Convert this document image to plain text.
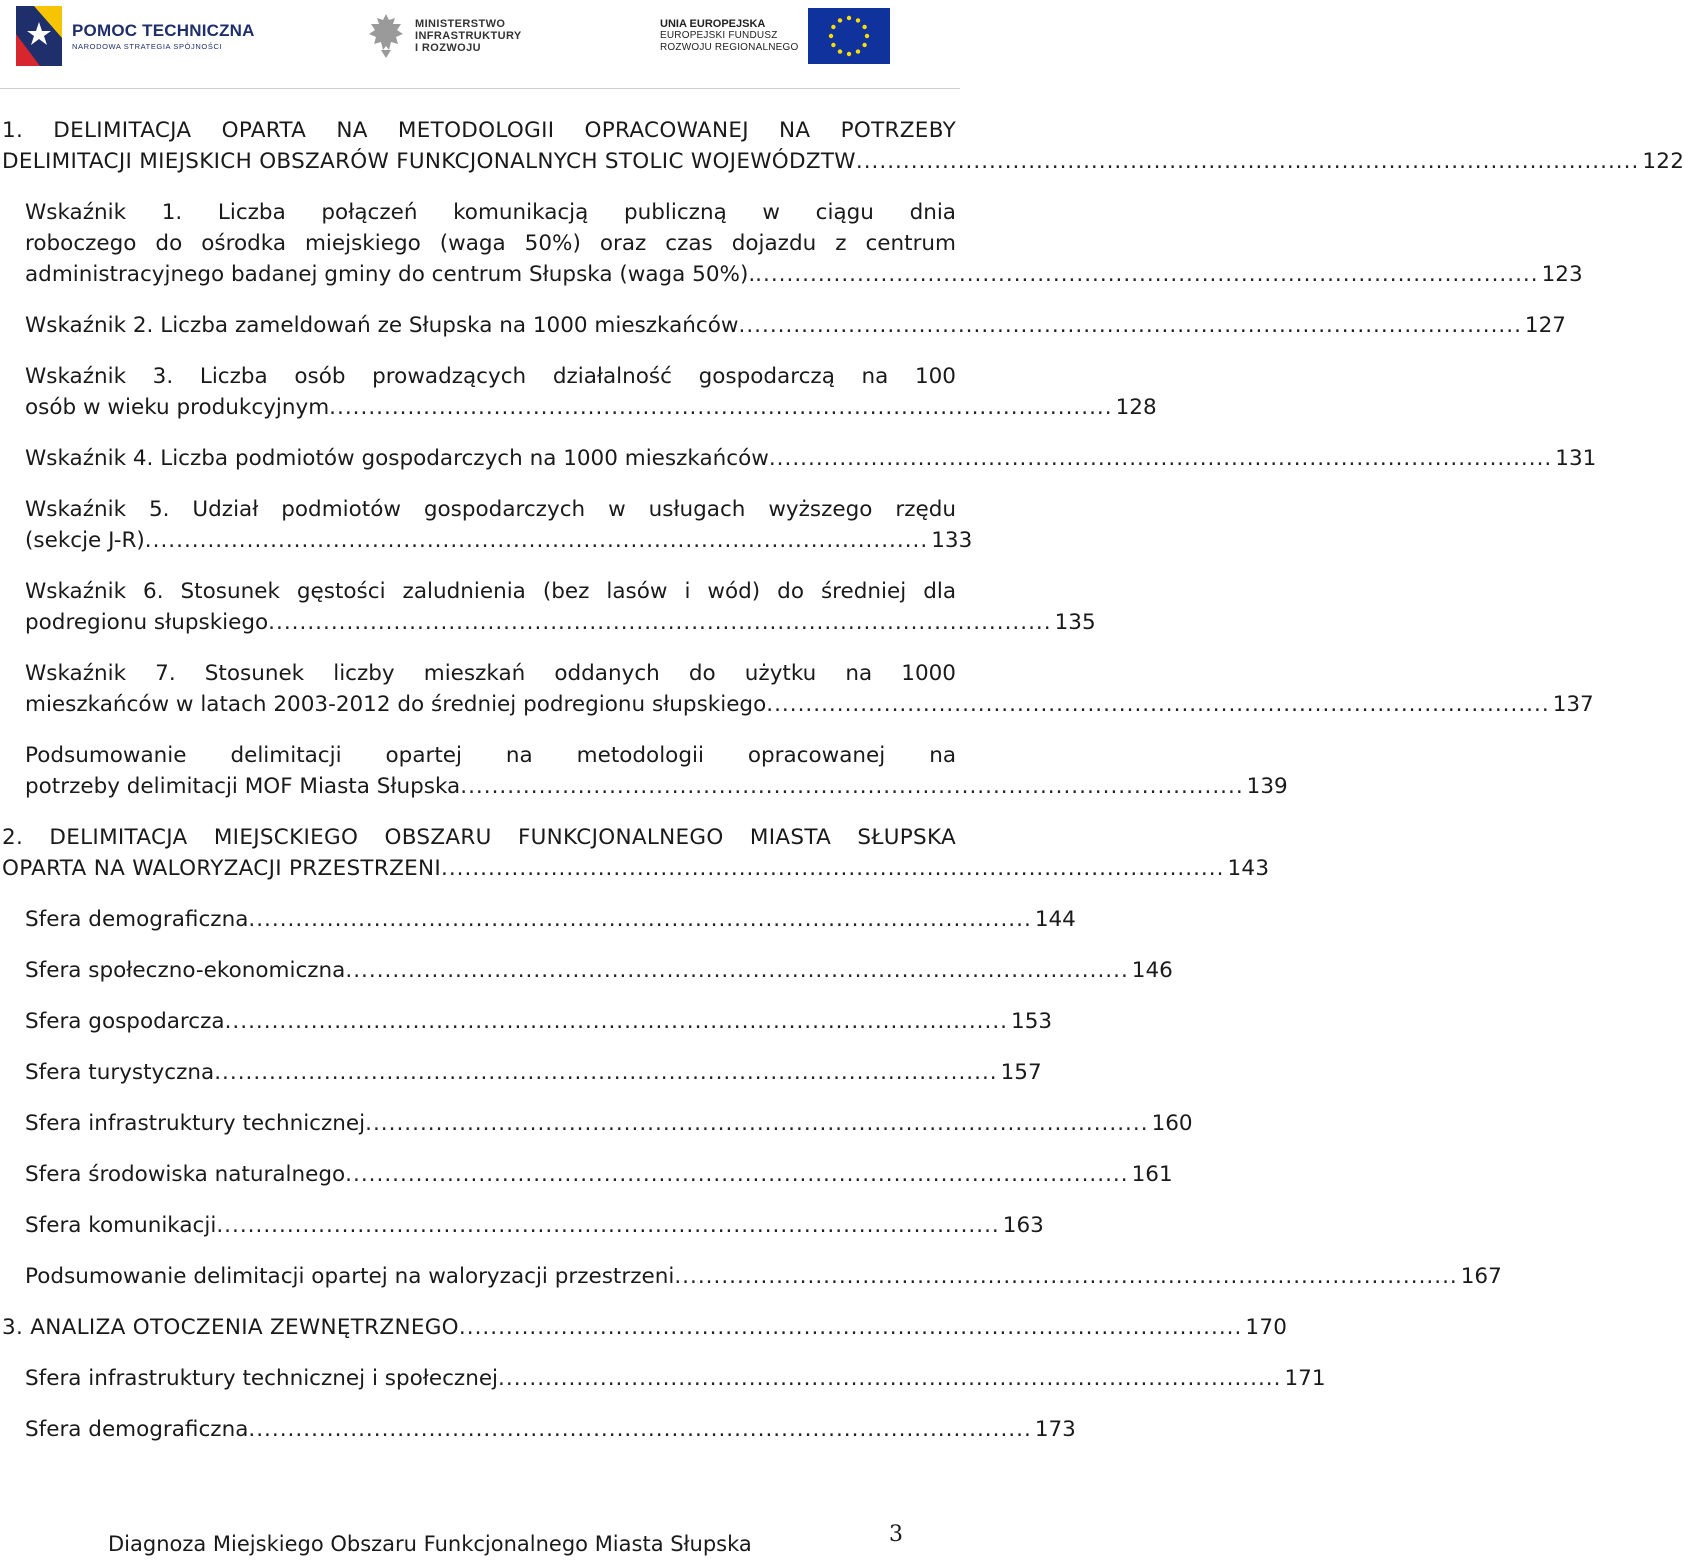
POMOC TECHNICZNA
NARODOWA STRATEGIA SPÓJNOŚCI
MINISTERSTWO
INFRASTRUKTURY
I ROZWOJU
UNIA EUROPEJSKA
EUROPEJSKI FUNDUSZ
ROZWOJU REGIONALNEGO
1. DELIMITACJA OPARTA NA METODOLOGII OPRACOWANEJ NA POTRZEBY
DELIMITACJI MIEJSKICH OBSZARÓW FUNKCJONALNYCH STOLIC WOJEWÓDZTW .................................................................................................... 122
Wskaźnik 1. Liczba połączeń komunikacją publiczną w ciągu dnia
roboczego do ośrodka miejskiego (waga 50%) oraz czas dojazdu z centrum
administracyjnego badanej gminy do centrum Słupska (waga 50%). .................................................................................................... 123
Wskaźnik 2. Liczba zameldowań ze Słupska na 1000 mieszkańców .................................................................................................... 127
Wskaźnik 3. Liczba osób prowadzących działalność gospodarczą na 100
osób w wieku produkcyjnym .................................................................................................... 128
Wskaźnik 4. Liczba podmiotów gospodarczych na 1000 mieszkańców .................................................................................................... 131
Wskaźnik 5. Udział podmiotów gospodarczych w usługach wyższego rzędu
(sekcje J-R) .................................................................................................... 133
Wskaźnik 6. Stosunek gęstości zaludnienia (bez lasów i wód) do średniej dla
podregionu słupskiego .................................................................................................... 135
Wskaźnik 7. Stosunek liczby mieszkań oddanych do użytku na 1000
mieszkańców w latach 2003-2012 do średniej podregionu słupskiego .................................................................................................... 137
Podsumowanie delimitacji opartej na metodologii opracowanej na
potrzeby delimitacji MOF Miasta Słupska .................................................................................................... 139
2. DELIMITACJA MIEJSCKIEGO OBSZARU FUNKCJONALNEGO MIASTA SŁUPSKA
OPARTA NA WALORYZACJI PRZESTRZENI .................................................................................................... 143
Sfera demograficzna .................................................................................................... 144
Sfera społeczno-ekonomiczna .................................................................................................... 146
Sfera gospodarcza .................................................................................................... 153
Sfera turystyczna .................................................................................................... 157
Sfera infrastruktury technicznej .................................................................................................... 160
Sfera środowiska naturalnego .................................................................................................... 161
Sfera komunikacji .................................................................................................... 163
Podsumowanie delimitacji opartej na waloryzacji przestrzeni .................................................................................................... 167
3. ANALIZA OTOCZENIA ZEWNĘTRZNEGO .................................................................................................... 170
Sfera infrastruktury technicznej i społecznej .................................................................................................... 171
Sfera demograficzna .................................................................................................... 173
Diagnoza Miejskiego Obszaru Funkcjonalnego Miasta Słupska	3
